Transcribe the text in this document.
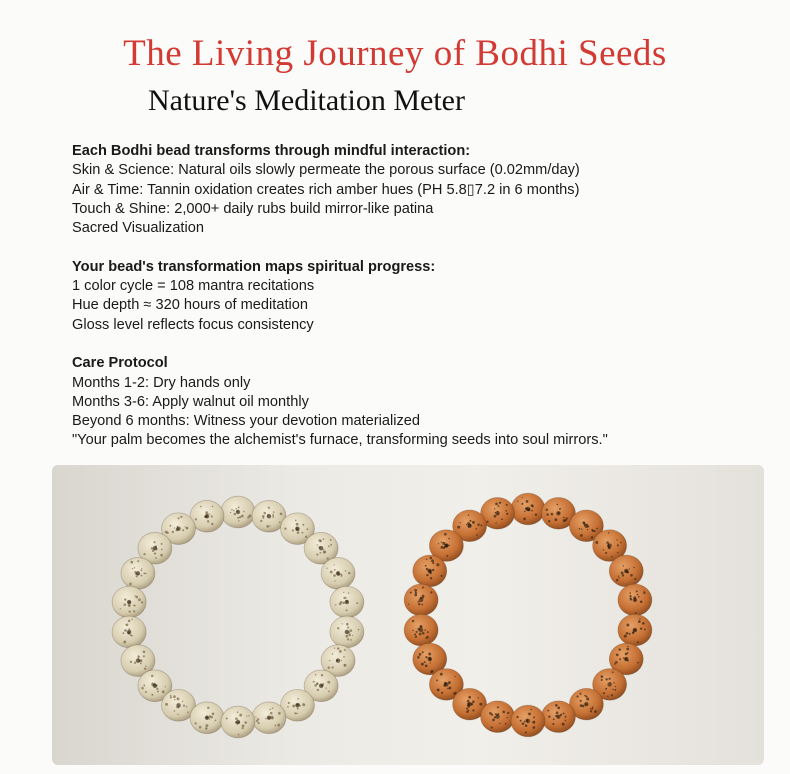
The Living Journey of Bodhi Seeds
Nature's Meditation Meter
Each Bodhi bead transforms through mindful interaction:
Skin & Science: Natural oils slowly permeate the porous surface (0.02mm/day)
Air & Time: Tannin oxidation creates rich amber hues (PH 5.8▯7.2 in 6 months)
Touch & Shine: 2,000+ daily rubs build mirror-like patina
Sacred Visualization
Your bead's transformation maps spiritual progress:
1 color cycle = 108 mantra recitations
Hue depth ≈ 320 hours of meditation
Gloss level reflects focus consistency
Care Protocol
Months 1-2: Dry hands only
Months 3-6: Apply walnut oil monthly
Beyond 6 months: Witness your devotion materialized
"Your palm becomes the alchemist's furnace, transforming seeds into soul mirrors."
